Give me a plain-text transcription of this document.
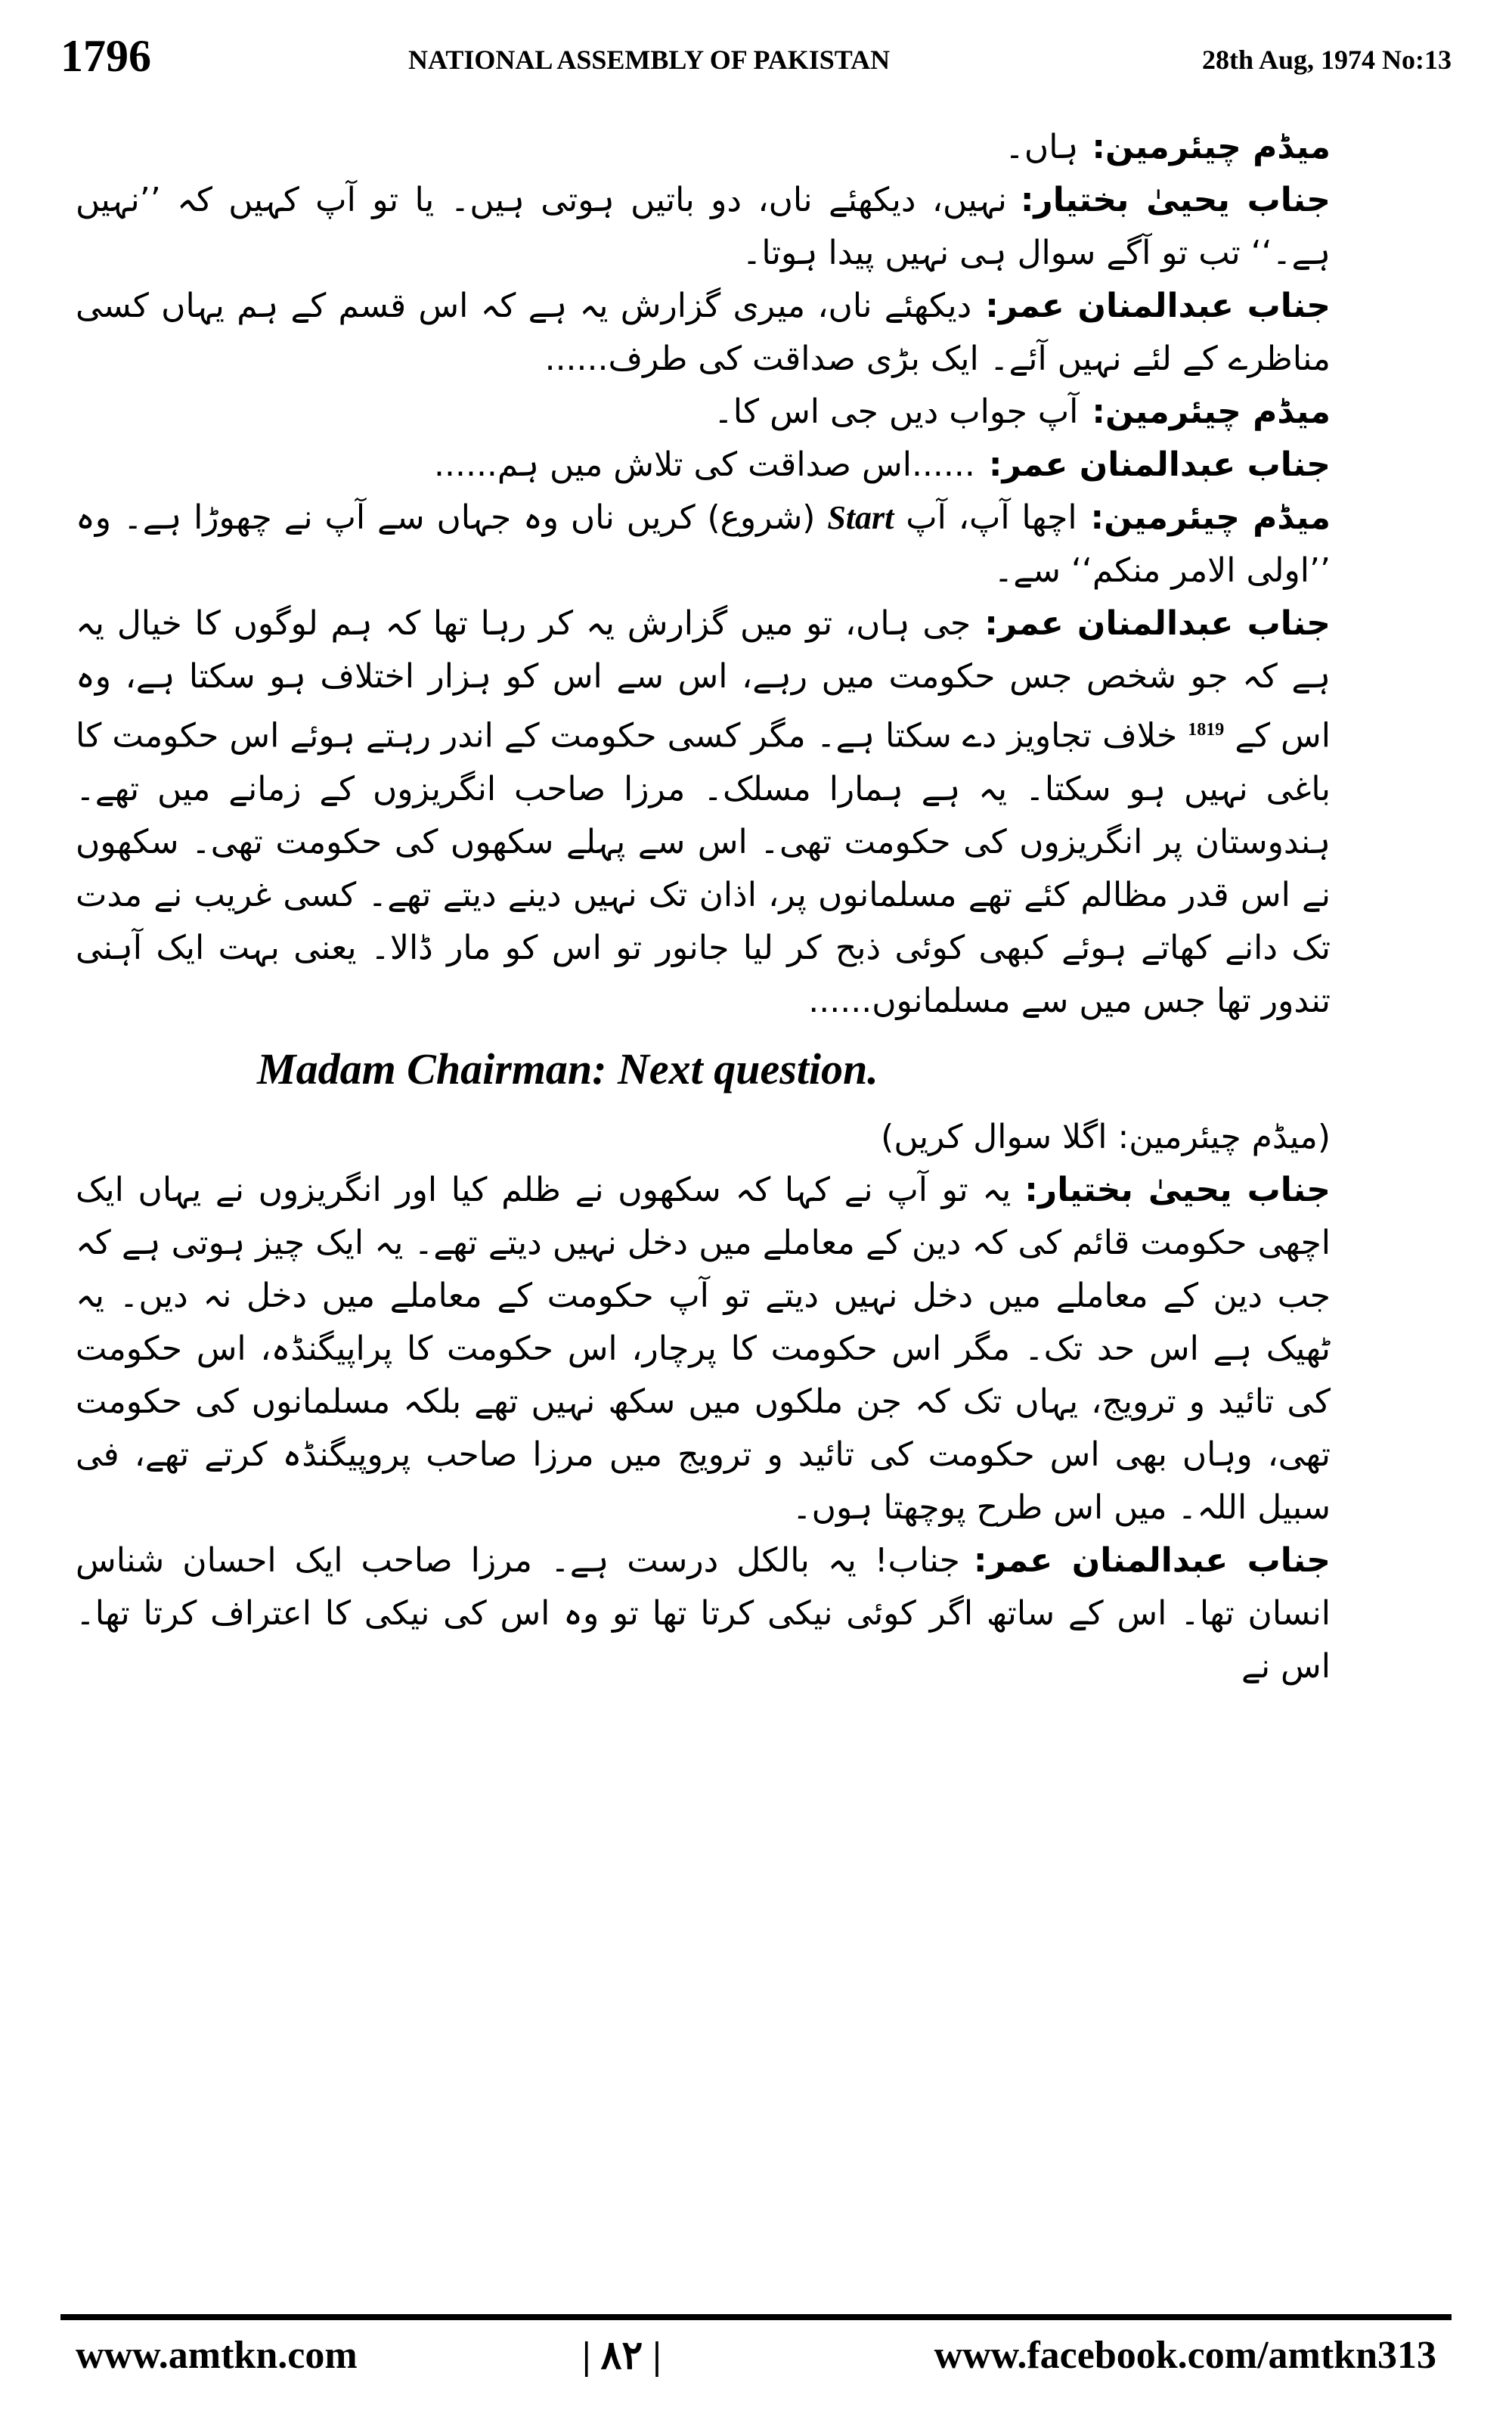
1796	NATIONAL ASSEMBLY OF PAKISTAN	28th Aug, 1974 No:13

میڈم چیئرمین:ہاں۔

جناب یحییٰ بختیار:نہیں، دیکھئے ناں، دو باتیں ہوتی ہیں۔ یا تو آپ کہیں کہ ’’نہیں ہے۔‘‘ تب تو آگے سوال ہی نہیں پیدا ہوتا۔

جناب عبدالمنان عمر:دیکھئے ناں، میری گزارش یہ ہے کہ اس قسم کے ہم یہاں کسی مناظرے کے لئے نہیں آئے۔ ایک بڑی صداقت کی طرف......

میڈم چیئرمین:آپ جواب دیں جی اس کا۔

جناب عبدالمنان عمر:......اس صداقت کی تلاش میں ہم......

میڈم چیئرمین:اچھا آپ، آپ Start (شروع) کریں ناں وہ جہاں سے آپ نے چھوڑا ہے۔ وہ ’’اولی الامر منکم‘‘ سے۔

جناب عبدالمنان عمر:جی ہاں، تو میں گزارش یہ کر رہا تھا کہ ہم لوگوں کا خیال یہ ہے کہ جو شخص جس حکومت میں رہے، اس سے اس کو ہزار اختلاف ہو سکتا ہے، وہ اس کے $^{1819}$ خلاف تجاویز دے سکتا ہے۔ مگر کسی حکومت کے اندر رہتے ہوئے اس حکومت کا باغی نہیں ہو سکتا۔ یہ ہے ہمارا مسلک۔ مرزا صاحب انگریزوں کے زمانے میں تھے۔ ہندوستان پر انگریزوں کی حکومت تھی۔ اس سے پہلے سکھوں کی حکومت تھی۔ سکھوں نے اس قدر مظالم کئے تھے مسلمانوں پر، اذان تک نہیں دینے دیتے تھے۔ کسی غریب نے مدت تک دانے کھاتے ہوئے کبھی کوئی ذبح کر لیا جانور تو اس کو مار ڈالا۔ یعنی بہت ایک آہنی تندور تھا جس میں سے مسلمانوں......

Madam Chairman: Next question.

(میڈم چیئرمین: اگلا سوال کریں)

جناب یحییٰ بختیار:یہ تو آپ نے کہا کہ سکھوں نے ظلم کیا اور انگریزوں نے یہاں ایک اچھی حکومت قائم کی کہ دین کے معاملے میں دخل نہیں دیتے تھے۔ یہ ایک چیز ہوتی ہے کہ جب دین کے معاملے میں دخل نہیں دیتے تو آپ حکومت کے معاملے میں دخل نہ دیں۔ یہ ٹھیک ہے اس حد تک۔ مگر اس حکومت کا پرچار، اس حکومت کا پراپیگنڈہ، اس حکومت کی تائید و ترویج، یہاں تک کہ جن ملکوں میں سکھ نہیں تھے بلکہ مسلمانوں کی حکومت تھی، وہاں بھی اس حکومت کی تائید و ترویج میں مرزا صاحب پروپیگنڈہ کرتے تھے، فی سبیل اللہ۔ میں اس طرح پوچھتا ہوں۔

جناب عبدالمنان عمر:جناب! یہ بالکل درست ہے۔ مرزا صاحب ایک احسان شناس انسان تھا۔ اس کے ساتھ اگر کوئی نیکی کرتا تھا تو وہ اس کی نیکی کا اعتراف کرتا تھا۔ اس نے

www.amtkn.com	| ۸۲ |	www.facebook.com/amtkn313
